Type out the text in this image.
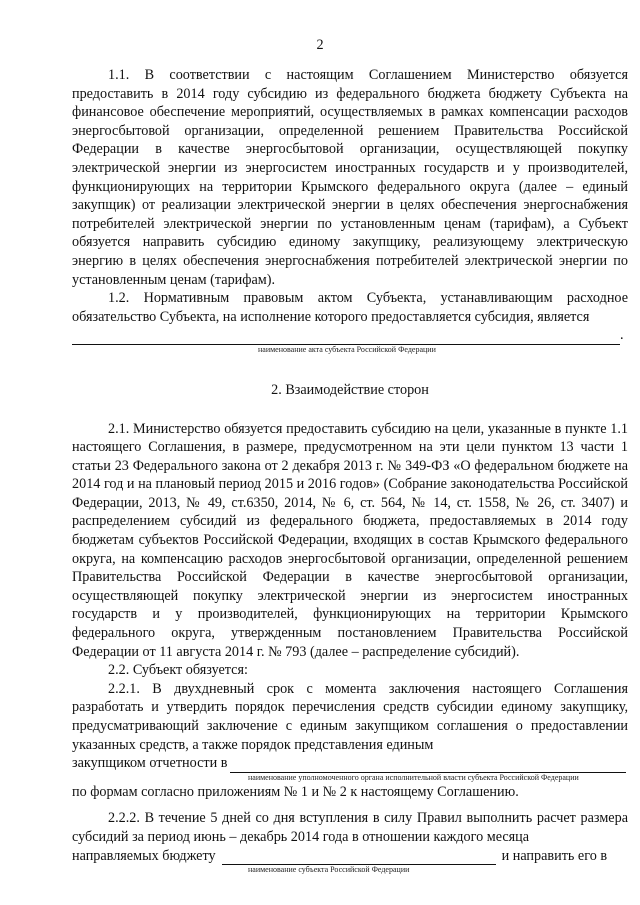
2

1.1. В соответствии с настоящим Соглашением Министерство обязуется предоставить в 2014 году субсидию из федерального бюджета бюджету Субъекта на финансовое обеспечение мероприятий, осуществляемых в рамках компенсации расходов энергосбытовой организации, определенной решением Правительства Российской Федерации в качестве энергосбытовой организации, осуществляющей покупку электрической энергии из энергосистем иностранных государств и у производителей, функционирующих на территории Крымского федерального округа (далее – единый закупщик) от реализации электрической энергии в целях обеспечения энергоснабжения потребителей электрической энергии по установленным ценам (тарифам), а Субъект обязуется направить субсидию единому закупщику, реализующему электрическую энергию в целях обеспечения энергоснабжения потребителей электрической энергии по установленным ценам (тарифам).

1.2. Нормативным правовым актом Субъекта, устанавливающим расходное обязательство Субъекта, на исполнение которого предоставляется субсидия, является

.
наименование акта субъекта Российской Федерации
2. Взаимодействие сторон

2.1. Министерство обязуется предоставить субсидию на цели, указанные в пункте 1.1 настоящего Соглашения, в размере, предусмотренном на эти цели пунктом 13 части 1 статьи 23 Федерального закона от 2 декабря 2013 г. № 349-ФЗ «О федеральном бюджете на 2014 год и на плановый период 2015 и 2016 годов» (Собрание законодательства Российской Федерации, 2013, № 49, ст.6350, 2014, № 6, ст. 564, № 14, ст. 1558, № 26, ст. 3407) и распределением субсидий из федерального бюджета, предоставляемых в 2014 году бюджетам субъектов Российской Федерации, входящих в состав Крымского федерального округа, на компенсацию расходов энергосбытовой организации, определенной решением Правительства Российской Федерации в качестве энергосбытовой организации, осуществляющей покупку электрической энергии из энергосистем иностранных государств и у производителей, функционирующих на территории Крымского федерального округа, утвержденным постановлением Правительства Российской Федерации от 11 августа 2014 г. № 793 (далее – распределение субсидий).

2.2. Субъект обязуется:

2.2.1. В двухдневный срок с момента заключения настоящего Соглашения разработать и утвердить порядок перечисления средств субсидии единому закупщику, предусматривающий заключение с единым закупщиком соглашения о предоставлении указанных средств, а также порядок представления единым

закупщиком отчетности в
наименование уполномоченного органа исполнительной власти субъекта Российской Федерации

по формам согласно приложениям № 1 и № 2 к настоящему Соглашению.

2.2.2. В течение 5 дней со дня вступления в силу Правил выполнить расчет размера субсидий за период июнь – декабрь 2014 года в отношении каждого месяца

направляемых бюджету	и направить его в
наименование субъекта Российской Федерации
